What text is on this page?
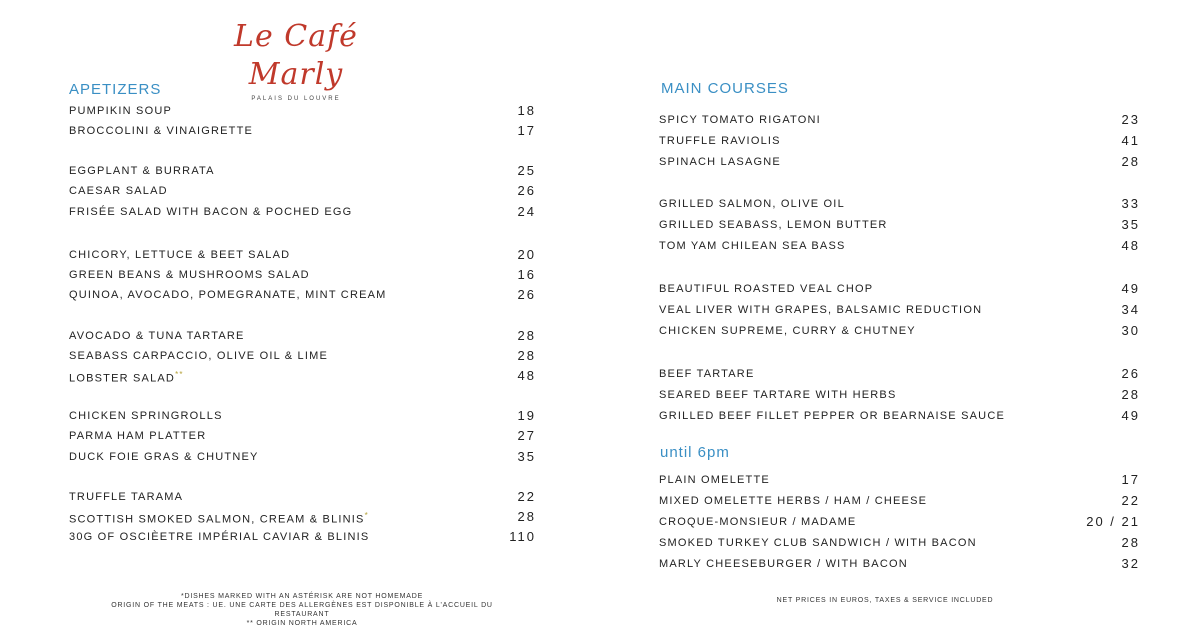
Le Café Marly
PALAIS DU LOUVRE
APETIZERS	MAIN COURSES
PUMPIKIN SOUP	18
BROCCOLINI & VINAIGRETTE	17
EGGPLANT & BURRATA	25
CAESAR SALAD	26
FRISÉE SALAD WITH BACON & POCHED EGG	24
CHICORY, LETTUCE & BEET SALAD	20
GREEN BEANS & MUSHROOMS SALAD	16
QUINOA, AVOCADO, POMEGRANATE, MINT CREAM	26
AVOCADO & TUNA TARTARE	28
SEABASS CARPACCIO, OLIVE OIL & LIME	28
LOBSTER SALAD**	48
CHICKEN SPRINGROLLS	19
PARMA HAM PLATTER	27
DUCK FOIE GRAS & CHUTNEY	35
TRUFFLE TARAMA	22
SCOTTISH SMOKED SALMON, CREAM & BLINIS*	28
30G OF OSCIÈETRE IMPÉRIAL CAVIAR & BLINIS	110
SPICY TOMATO RIGATONI	23
TRUFFLE RAVIOLIS	41
SPINACH LASAGNE	28
GRILLED SALMON, OLIVE OIL	33
GRILLED SEABASS, LEMON BUTTER	35
TOM YAM CHILEAN SEA BASS	48
BEAUTIFUL ROASTED VEAL CHOP	49
VEAL LIVER WITH GRAPES, BALSAMIC REDUCTION	34
CHICKEN SUPREME, CURRY & CHUTNEY	30
BEEF TARTARE	26
SEARED BEEF TARTARE WITH HERBS	28
GRILLED BEEF FILLET PEPPER OR BEARNAISE SAUCE	49
until 6pm
PLAIN OMELETTE	17
MIXED OMELETTE HERBS / HAM / CHEESE	22
CROQUE-MONSIEUR / MADAME	20 / 21
SMOKED TURKEY CLUB SANDWICH / WITH BACON	28
MARLY CHEESEBURGER / WITH BACON	32
*DISHES MARKED WITH AN ASTÉRISK ARE NOT HOMEMADE
ORIGIN OF THE MEATS : UE. UNE CARTE DES ALLERGÈNES EST DISPONIBLE À L'ACCUEIL DU RESTAURANT
** ORIGIN NORTH AMERICA
NET PRICES IN EUROS, TAXES & SERVICE INCLUDED
